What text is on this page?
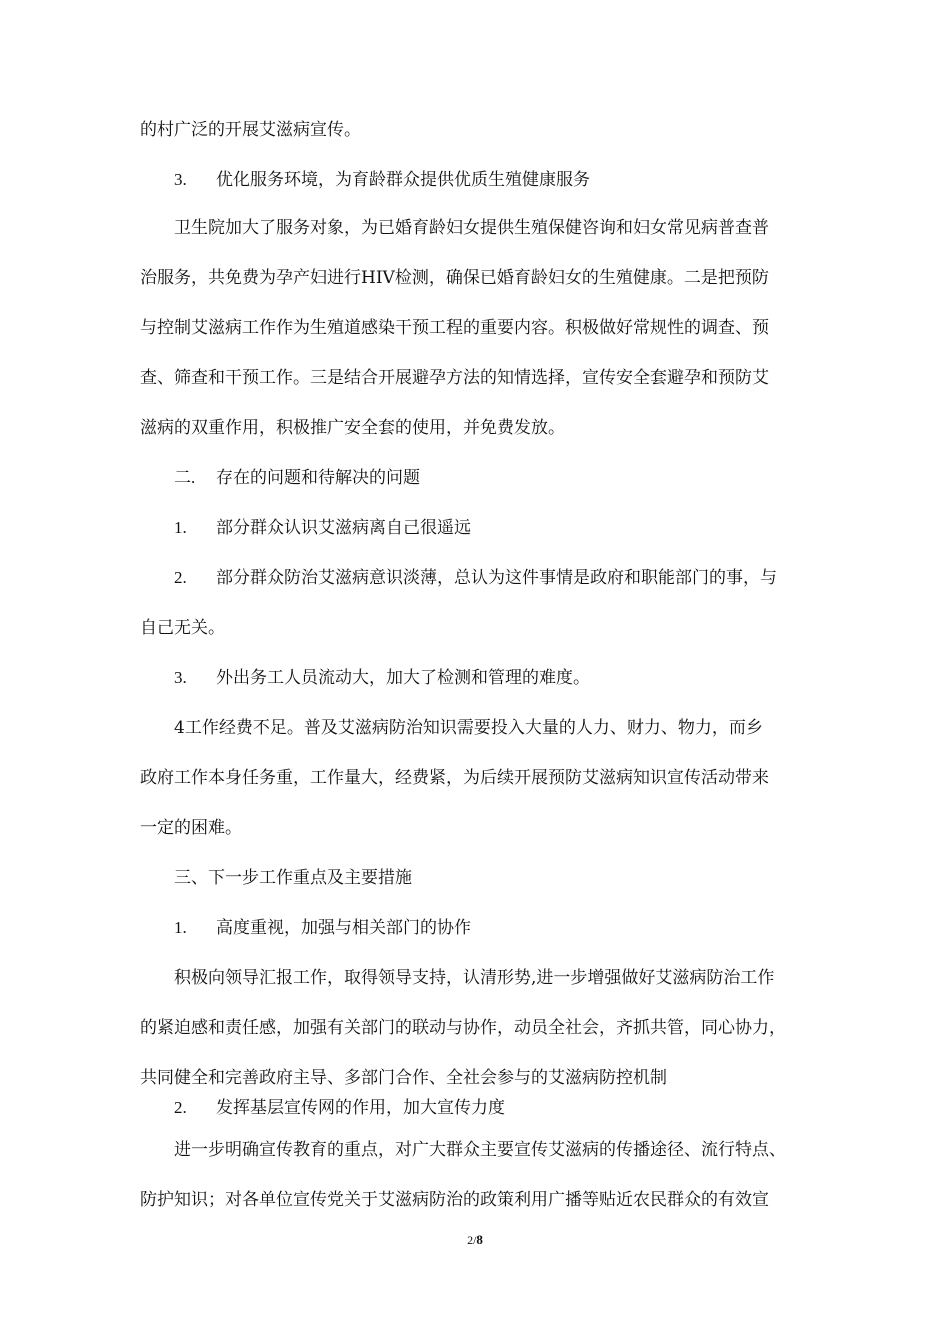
的村广泛的开展艾滋病宣传。
3. 优化服务环境，为育龄群众提供优质生殖健康服务
卫生院加大了服务对象，为已婚育龄妇女提供生殖保健咨询和妇女常见病普查普
治服务，共免费为孕产妇进行HIV检测，确保已婚育龄妇女的生殖健康。二是把预防
与控制艾滋病工作作为生殖道感染干预工程的重要内容。积极做好常规性的调查、预
查、筛查和干预工作。三是结合开展避孕方法的知情选择，宣传安全套避孕和预防艾
滋病的双重作用，积极推广安全套的使用，并免费发放。
二. 存在的问题和待解决的问题
1. 部分群众认识艾滋病离自己很遥远
2. 部分群众防治艾滋病意识淡薄，总认为这件事情是政府和职能部门的事，与
自己无关。
3. 外出务工人员流动大，加大了检测和管理的难度。
4工作经费不足。普及艾滋病防治知识需要投入大量的人力、财力、物力，而乡
政府工作本身任务重，工作量大，经费紧，为后续开展预防艾滋病知识宣传活动带来
一定的困难。
三、下一步工作重点及主要措施
1. 高度重视，加强与相关部门的协作
积极向领导汇报工作，取得领导支持，认清形势,进一步增强做好艾滋病防治工作
的紧迫感和责任感，加强有关部门的联动与协作，动员全社会，齐抓共管，同心协力，
共同健全和完善政府主导、多部门合作、全社会参与的艾滋病防控机制
2. 发挥基层宣传网的作用，加大宣传力度
进一步明确宣传教育的重点，对广大群众主要宣传艾滋病的传播途径、流行特点、
防护知识；对各单位宣传党关于艾滋病防治的政策利用广播等贴近农民群众的有效宣
2/8
